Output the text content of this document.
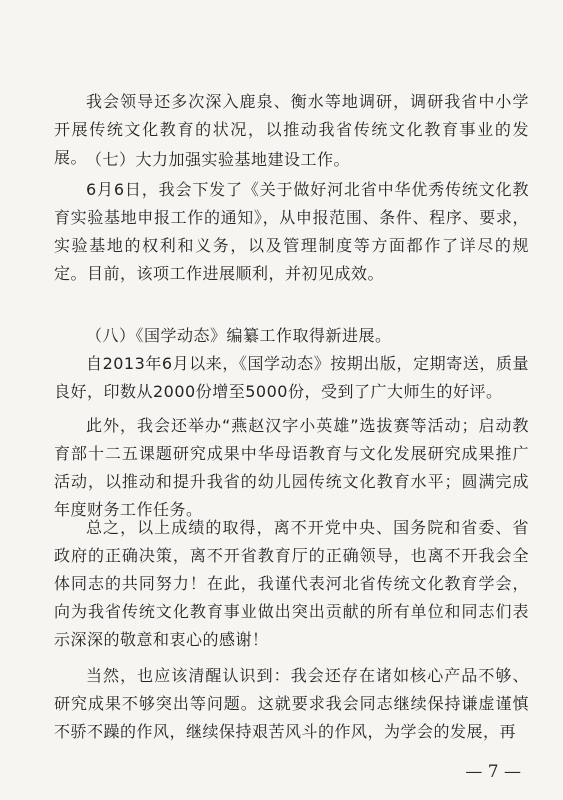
我会领导还多次深入鹿泉、衡水等地调研，调研我省中小学开展传统文化教育的状况，以推动我省传统文化教育事业的发展。
（七）大力加强实验基地建设工作。
6月6日，我会下发了《关于做好河北省中华优秀传统文化教育实验基地申报工作的通知》，从申报范围、条件、程序、要求，实验基地的权利和义务，以及管理制度等方面都作了详尽的规定。目前，该项工作进展顺利，并初见成效。
（八）《国学动态》编纂工作取得新进展。
自2013年6月以来，《国学动态》按期出版，定期寄送，质量良好，印数从2000份增至5000份，受到了广大师生的好评。
此外，我会还举办“燕赵汉字小英雄”选拔赛等活动；启动教育部十二五课题研究成果中华母语教育与文化发展研究成果推广活动，以推动和提升我省的幼儿园传统文化教育水平；圆满完成年度财务工作任务。
总之，以上成绩的取得，离不开党中央、国务院和省委、省政府的正确决策，离不开省教育厅的正确领导，也离不开我会全体同志的共同努力！在此，我谨代表河北省传统文化教育学会，向为我省传统文化教育事业做出突出贡献的所有单位和同志们表示深深的敬意和衷心的感谢！
当然，也应该清醒认识到：我会还存在诸如核心产品不够、研究成果不够突出等问题。这就要求我会同志继续保持谦虚谨慎不骄不躁的作风，继续保持艰苦风斗的作风，为学会的发展，再
— 7 —
